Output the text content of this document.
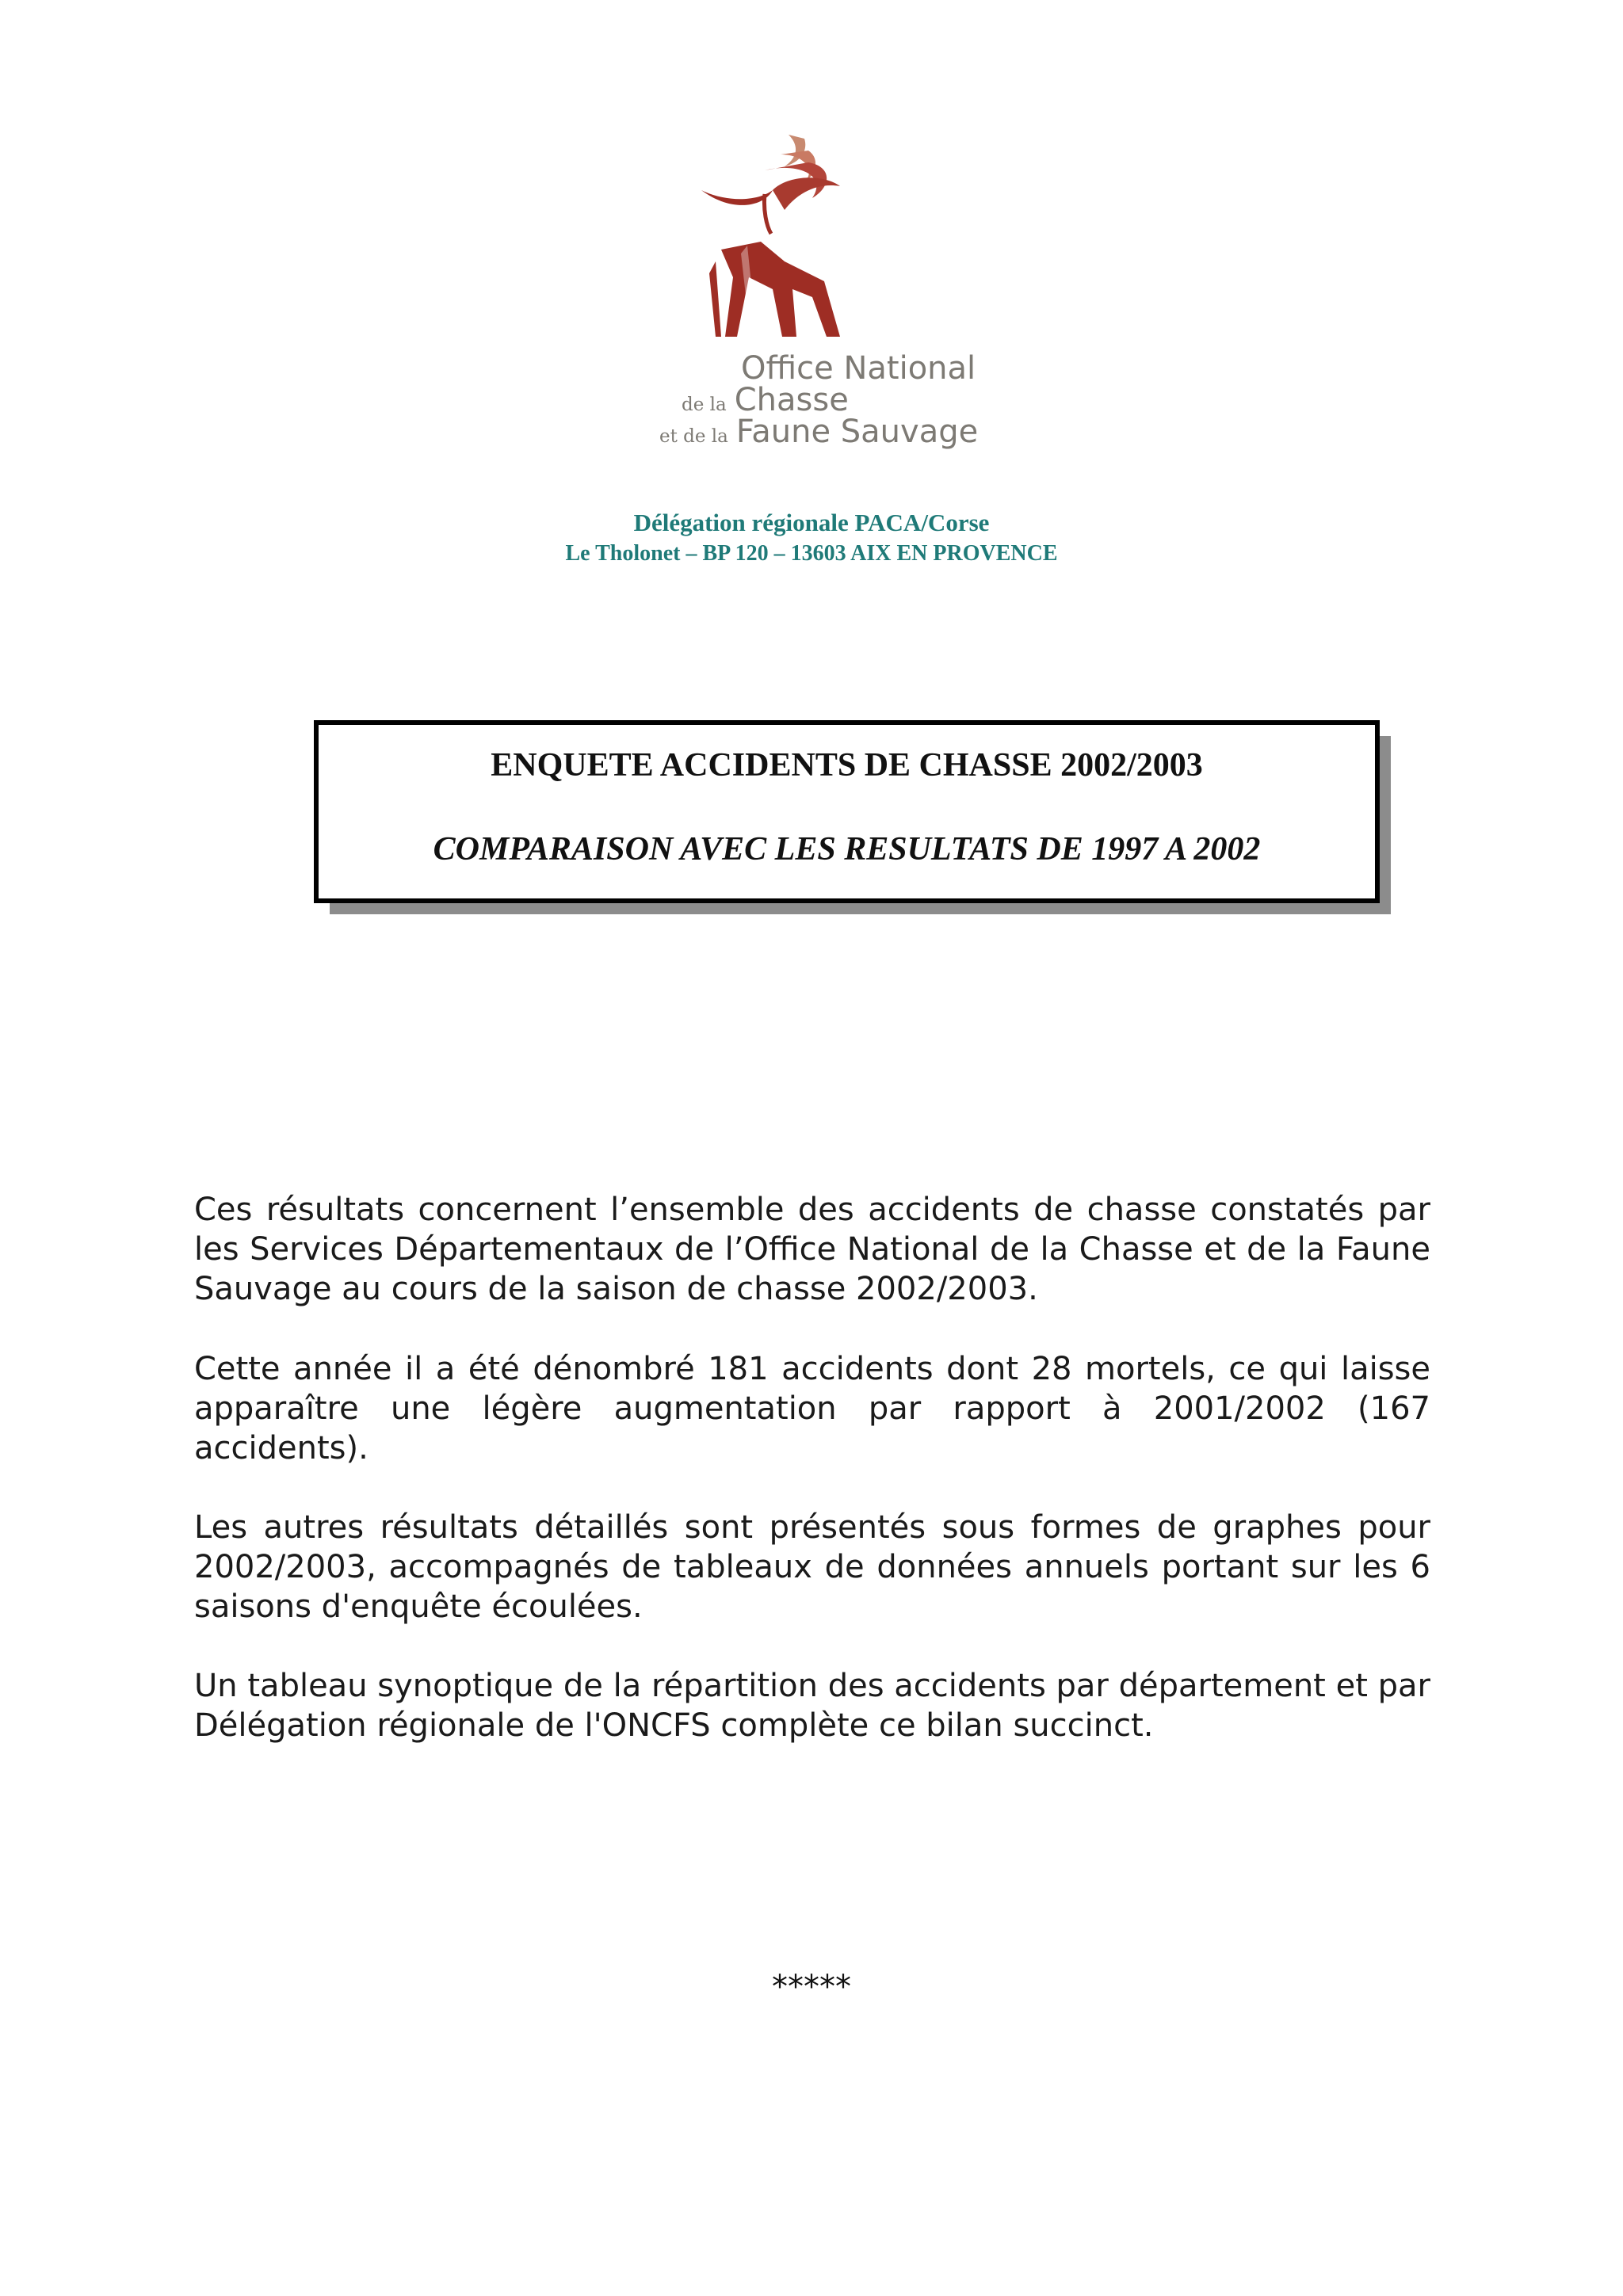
Office National
de la Chasse
et de la Faune Sauvage
Délégation régionale PACA/Corse
Le Tholonet – BP 120 – 13603 AIX EN PROVENCE
ENQUETE ACCIDENTS DE CHASSE 2002/2003
COMPARAISON AVEC LES RESULTATS DE 1997 A 2002

Ces résultats concernent l’ensemble des accidents de chasse constatés par les Services Départementaux de l’Office National de la Chasse et de la Faune Sauvage au cours de la saison de chasse 2002/2003.

Cette année il a été dénombré 181 accidents dont 28 mortels, ce qui laisse apparaître une légère augmentation par rapport à 2001/2002 (167 accidents).

Les autres résultats détaillés sont présentés sous formes de graphes pour 2002/2003, accompagnés de tableaux de données annuels portant sur les 6 saisons d'enquête écoulées.

Un tableau synoptique de la répartition des accidents par département et par Délégation régionale de l'ONCFS complète ce bilan succinct.

*****
